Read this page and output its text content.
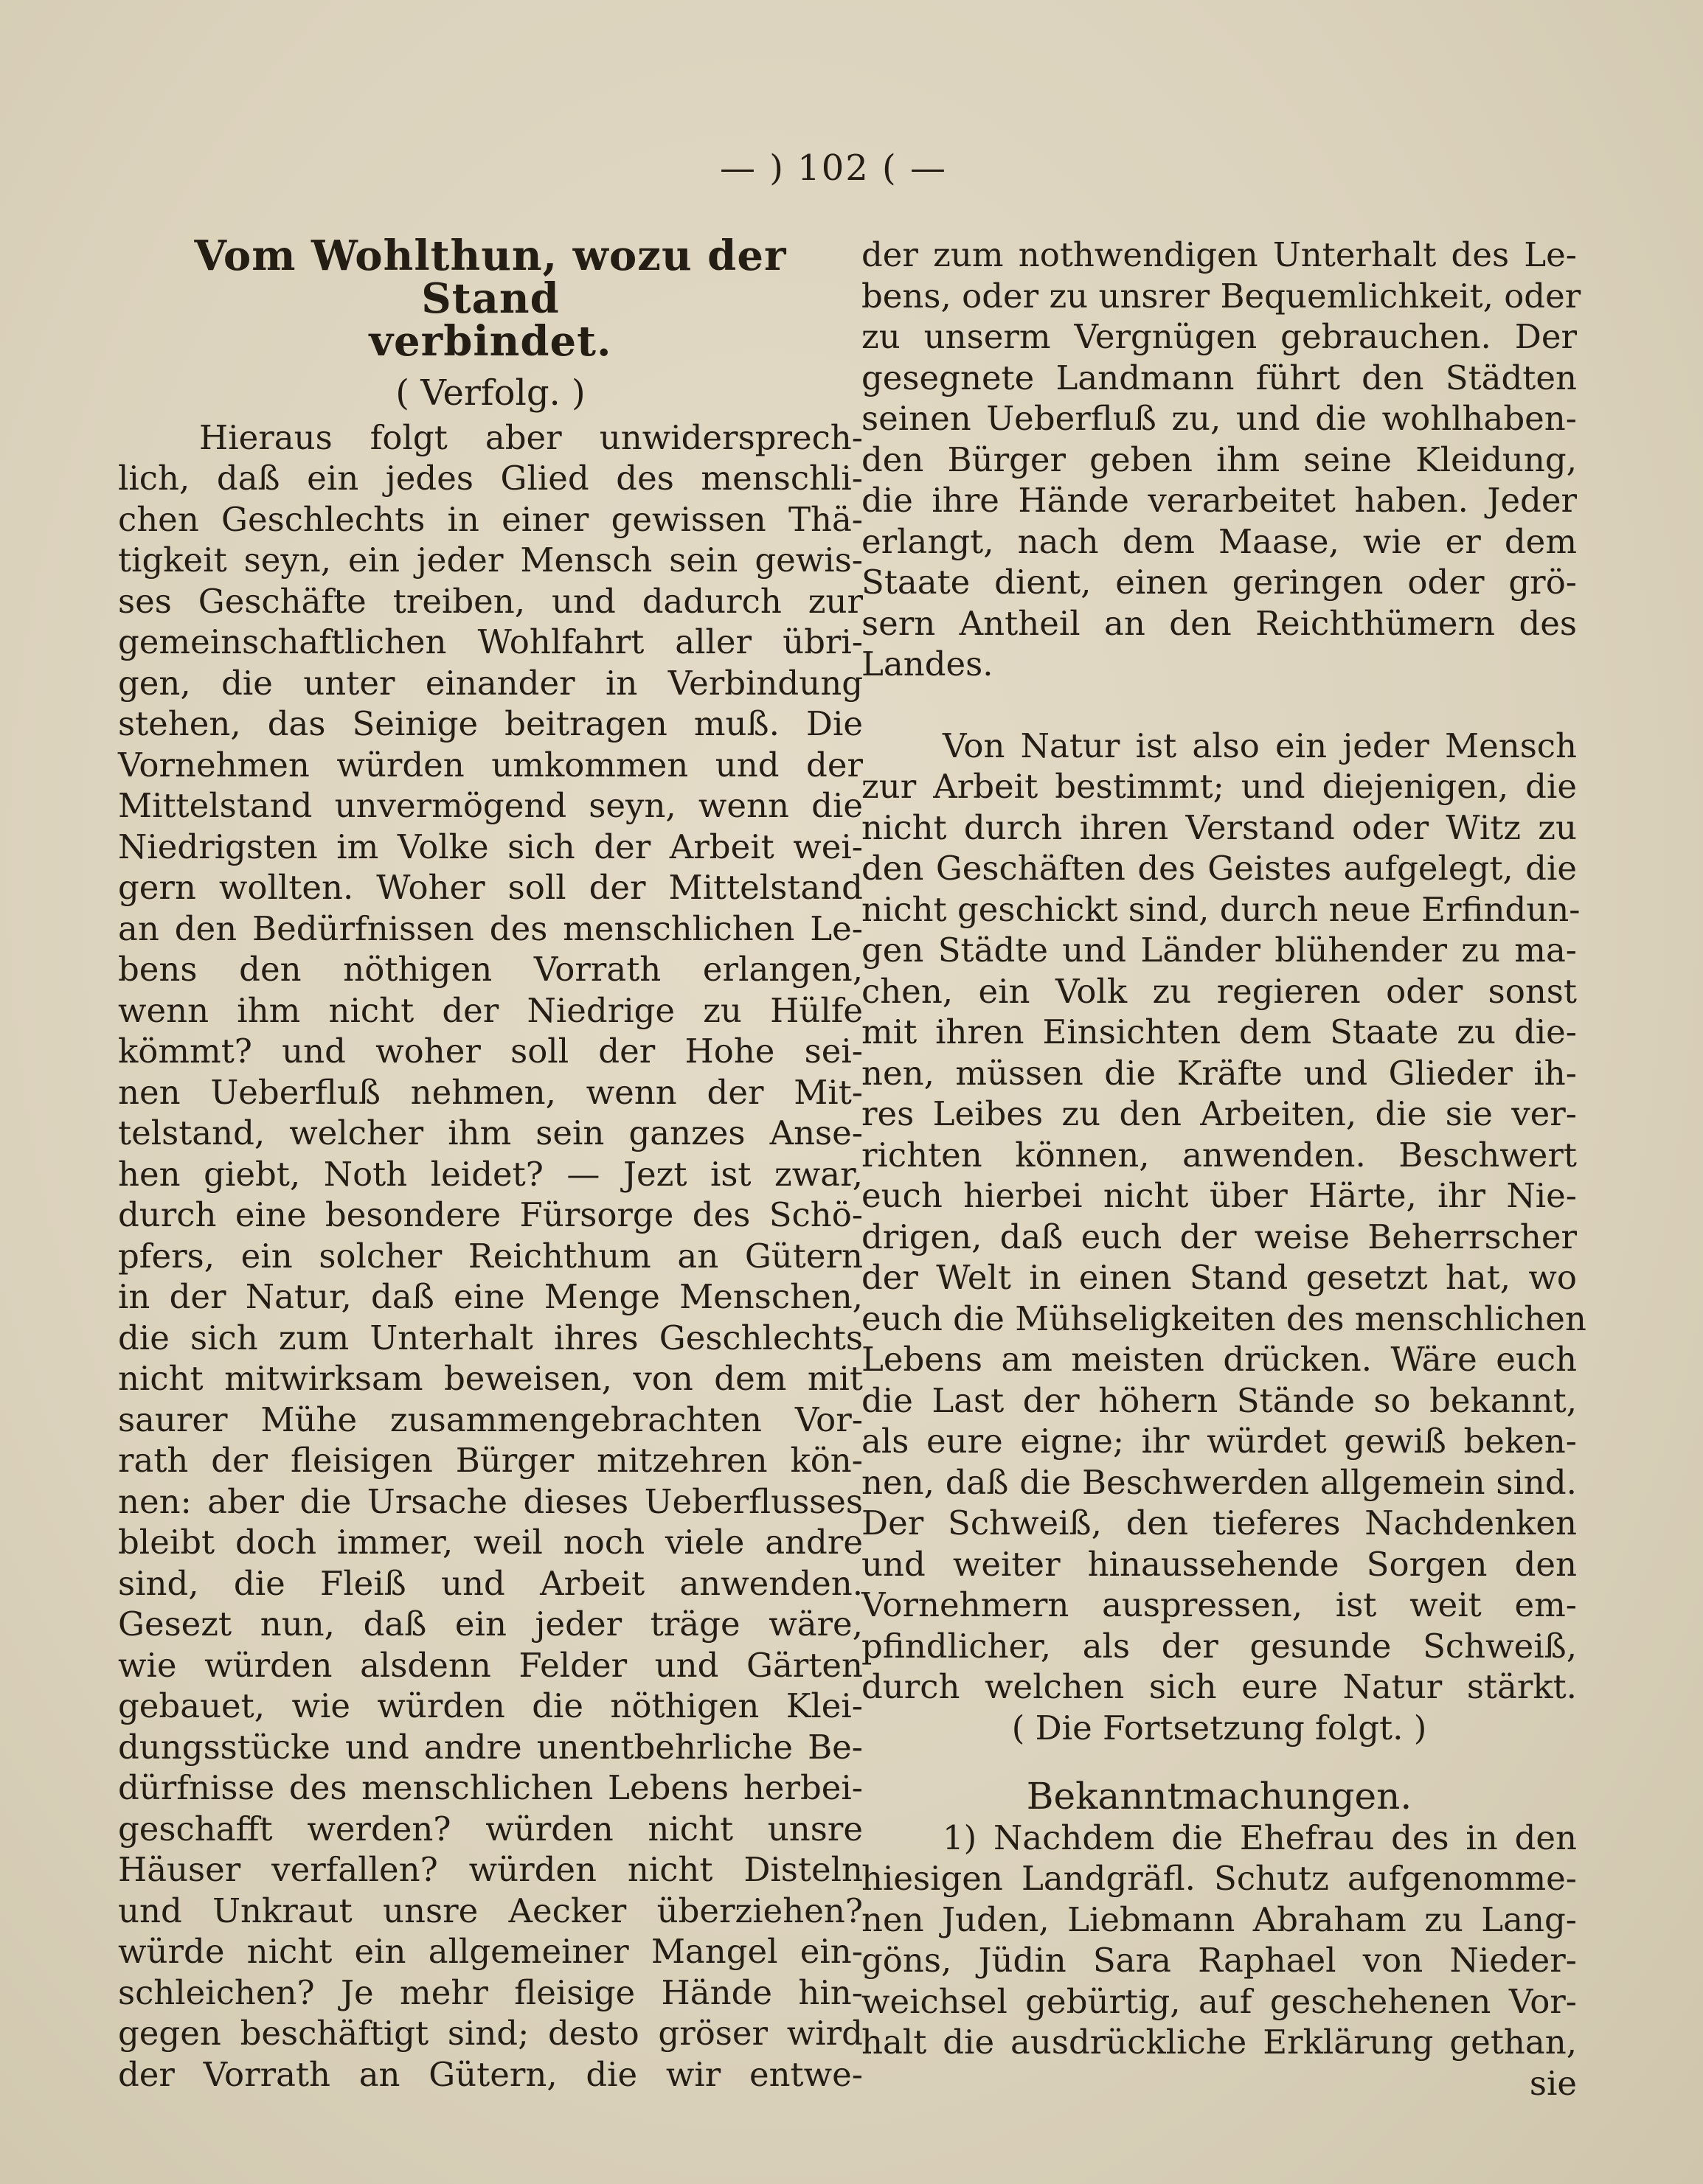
— ) 102 ( —
Vom Wohlthun, wozu der Stand
verbindet.
( Verfolg. )
Hieraus folgt aber unwidersprech-
lich, daß ein jedes Glied des menschli-
chen Geschlechts in einer gewissen Thä-
tigkeit seyn, ein jeder Mensch sein gewis-
ses Geschäfte treiben, und dadurch zur
gemeinschaftlichen Wohlfahrt aller übri-
gen, die unter einander in Verbindung
stehen, das Seinige beitragen muß. Die
Vornehmen würden umkommen und der
Mittelstand unvermögend seyn, wenn die
Niedrigsten im Volke sich der Arbeit wei-
gern wollten. Woher soll der Mittelstand
an den Bedürfnissen des menschlichen Le-
bens den nöthigen Vorrath erlangen,
wenn ihm nicht der Niedrige zu Hülfe
kömmt? und woher soll der Hohe sei-
nen Ueberfluß nehmen, wenn der Mit-
telstand, welcher ihm sein ganzes Anse-
hen giebt, Noth leidet? — Jezt ist zwar,
durch eine besondere Fürsorge des Schö-
pfers, ein solcher Reichthum an Gütern
in der Natur, daß eine Menge Menschen,
die sich zum Unterhalt ihres Geschlechts
nicht mitwirksam beweisen, von dem mit
saurer Mühe zusammengebrachten Vor-
rath der fleisigen Bürger mitzehren kön-
nen: aber die Ursache dieses Ueberflusses
bleibt doch immer, weil noch viele andre
sind, die Fleiß und Arbeit anwenden.
Gesezt nun, daß ein jeder träge wäre,
wie würden alsdenn Felder und Gärten
gebauet, wie würden die nöthigen Klei-
dungsstücke und andre unentbehrliche Be-
dürfnisse des menschlichen Lebens herbei-
geschafft werden? würden nicht unsre
Häuser verfallen? würden nicht Disteln
und Unkraut unsre Aecker überziehen?
würde nicht ein allgemeiner Mangel ein-
schleichen? Je mehr fleisige Hände hin-
gegen beschäftigt sind; desto gröser wird
der Vorrath an Gütern, die wir entwe-
der zum nothwendigen Unterhalt des Le-
bens, oder zu unsrer Bequemlichkeit, oder
zu unserm Vergnügen gebrauchen. Der
gesegnete Landmann führt den Städten
seinen Ueberfluß zu, und die wohlhaben-
den Bürger geben ihm seine Kleidung,
die ihre Hände verarbeitet haben. Jeder
erlangt, nach dem Maase, wie er dem
Staate dient, einen geringen oder grö-
sern Antheil an den Reichthümern des
Landes.
Von Natur ist also ein jeder Mensch
zur Arbeit bestimmt; und diejenigen, die
nicht durch ihren Verstand oder Witz zu
den Geschäften des Geistes aufgelegt, die
nicht geschickt sind, durch neue Erfindun-
gen Städte und Länder blühender zu ma-
chen, ein Volk zu regieren oder sonst
mit ihren Einsichten dem Staate zu die-
nen, müssen die Kräfte und Glieder ih-
res Leibes zu den Arbeiten, die sie ver-
richten können, anwenden. Beschwert
euch hierbei nicht über Härte, ihr Nie-
drigen, daß euch der weise Beherrscher
der Welt in einen Stand gesetzt hat, wo
euch die Mühseligkeiten des menschlichen
Lebens am meisten drücken. Wäre euch
die Last der höhern Stände so bekannt,
als eure eigne; ihr würdet gewiß beken-
nen, daß die Beschwerden allgemein sind.
Der Schweiß, den tieferes Nachdenken
und weiter hinaussehende Sorgen den
Vornehmern auspressen, ist weit em-
pfindlicher, als der gesunde Schweiß,
durch welchen sich eure Natur stärkt.
( Die Fortsetzung folgt. )
Bekanntmachungen.
1) Nachdem die Ehefrau des in den
hiesigen Landgräfl. Schutz aufgenomme-
nen Juden, Liebmann Abraham zu Lang-
göns, Jüdin Sara Raphael von Nieder-
weichsel gebürtig, auf geschehenen Vor-
halt die ausdrückliche Erklärung gethan,
sie
